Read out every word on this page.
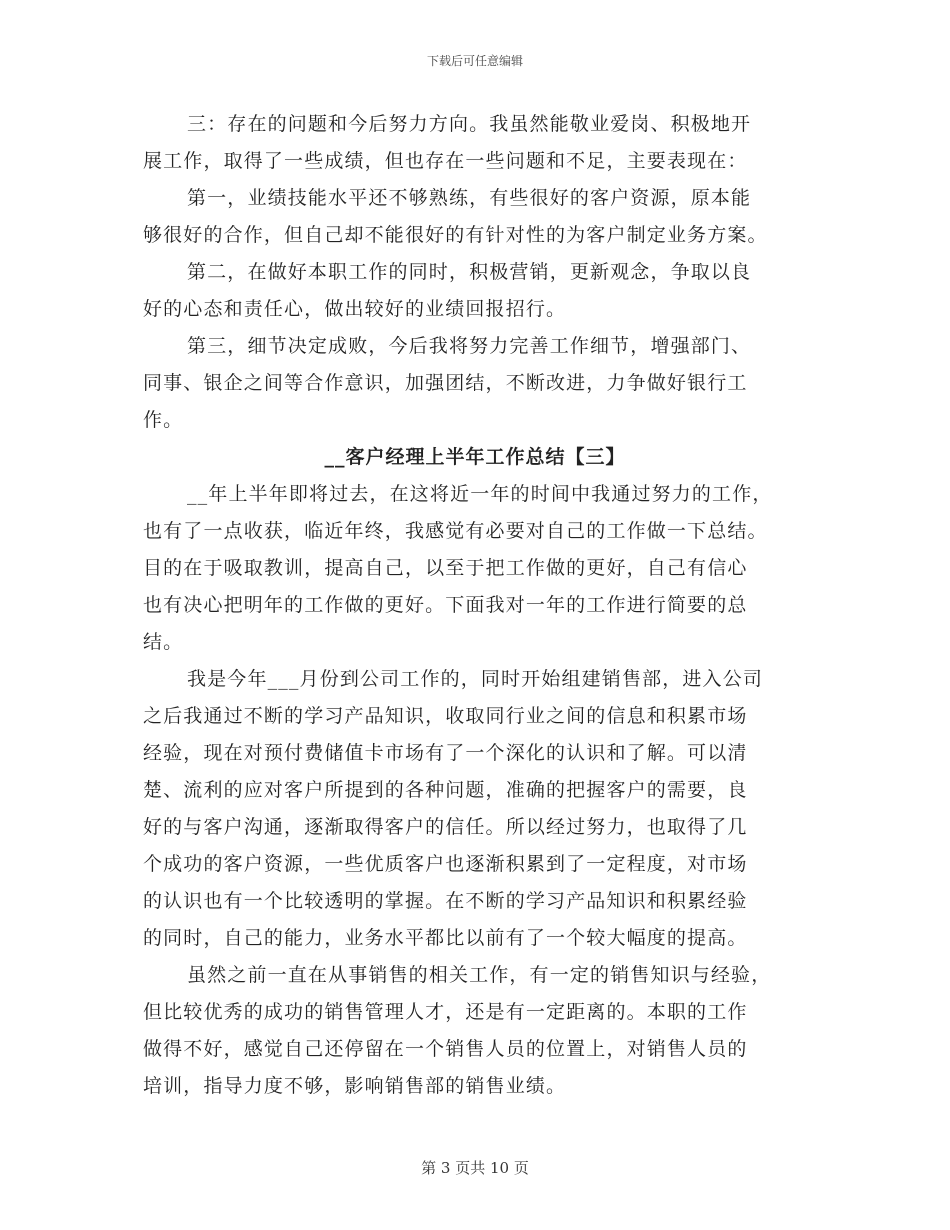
下载后可任意编辑
三：存在的问题和今后努力方向。我虽然能敬业爱岗、积极地开
展工作，取得了一些成绩，但也存在一些问题和不足，主要表现在：
第一，业绩技能水平还不够熟练，有些很好的客户资源，原本能
够很好的合作，但自己却不能很好的有针对性的为客户制定业务方案。
第二，在做好本职工作的同时，积极营销，更新观念，争取以良
好的心态和责任心，做出较好的业绩回报招行。
第三，细节决定成败，今后我将努力完善工作细节，增强部门、
同事、银企之间等合作意识，加强团结，不断改进，力争做好银行工
作。
__客户经理上半年工作总结【三】
__年上半年即将过去，在这将近一年的时间中我通过努力的工作，
也有了一点收获，临近年终，我感觉有必要对自己的工作做一下总结。
目的在于吸取教训，提高自己，以至于把工作做的更好，自己有信心
也有决心把明年的工作做的更好。下面我对一年的工作进行简要的总
结。
我是今年___月份到公司工作的，同时开始组建销售部，进入公司
之后我通过不断的学习产品知识，收取同行业之间的信息和积累市场
经验，现在对预付费储值卡市场有了一个深化的认识和了解。可以清
楚、流利的应对客户所提到的各种问题，准确的把握客户的需要，良
好的与客户沟通，逐渐取得客户的信任。所以经过努力，也取得了几
个成功的客户资源，一些优质客户也逐渐积累到了一定程度，对市场
的认识也有一个比较透明的掌握。在不断的学习产品知识和积累经验
的同时，自己的能力，业务水平都比以前有了一个较大幅度的提高。
虽然之前一直在从事销售的相关工作，有一定的销售知识与经验，
但比较优秀的成功的销售管理人才，还是有一定距离的。本职的工作
做得不好，感觉自己还停留在一个销售人员的位置上，对销售人员的
培训，指导力度不够，影响销售部的销售业绩。
第 3 页共 10 页
